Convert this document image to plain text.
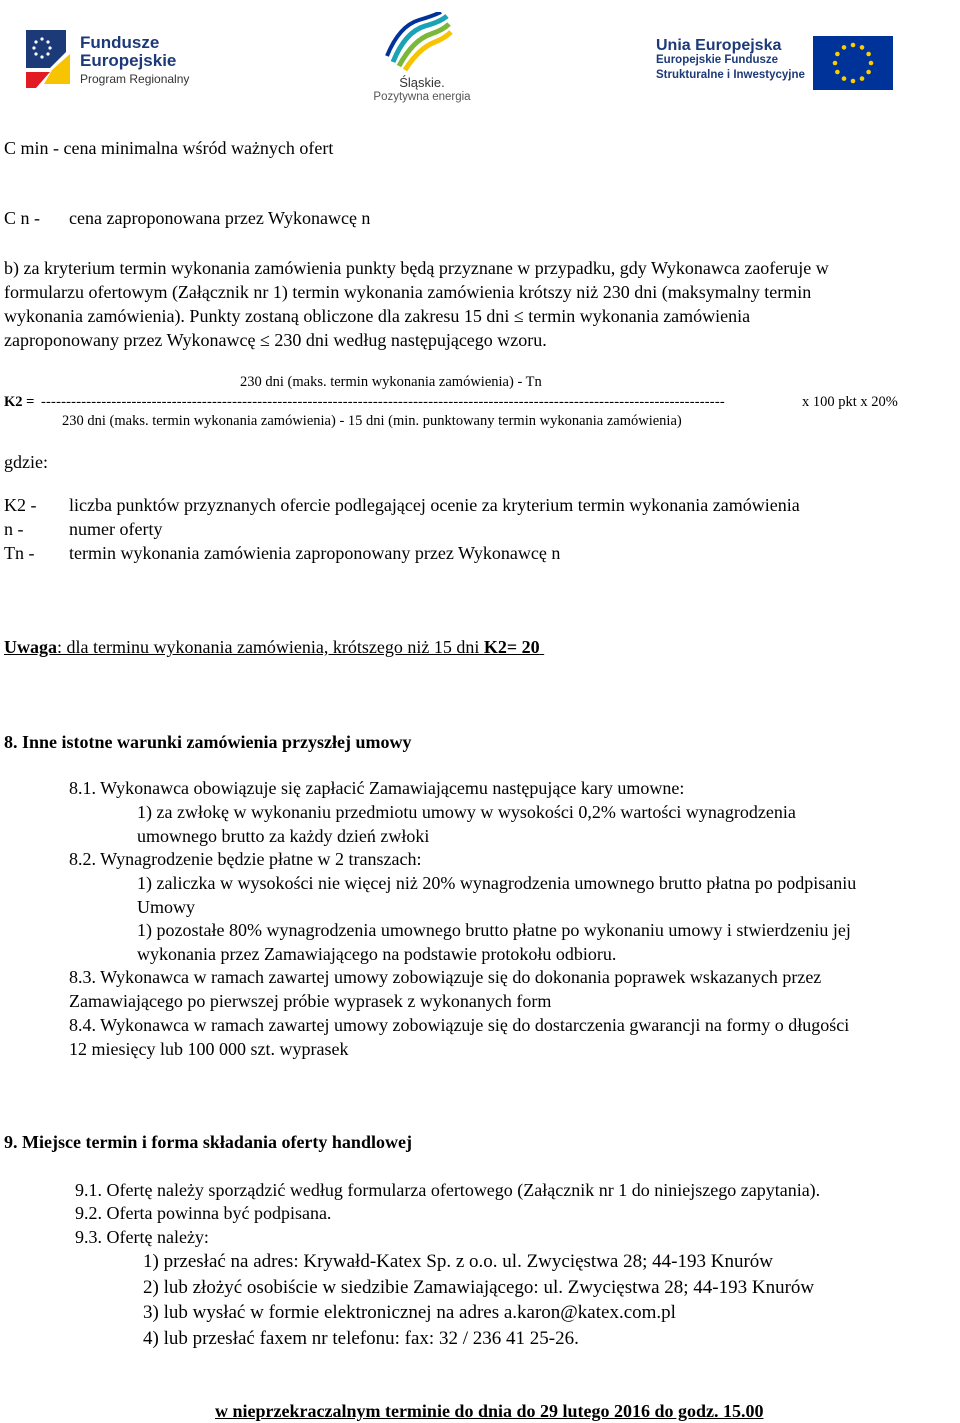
Fundusze
Europejskie
Program Regionalny	Śląskie.
Pozytywna energia
Unia Europejska
Europejskie Fundusze
Strukturalne i Inwestycyjne
C min - cena minimalna wśród ważnych ofert
C n - cena zaproponowana przez Wykonawcę n
b) za kryterium termin wykonania zamówienia punkty będą przyznane w przypadku, gdy Wykonawca zaoferuje w
formularzu ofertowym (Załącznik nr 1) termin wykonania zamówienia krótszy niż 230 dni (maksymalny termin
wykonania zamówienia). Punkty zostaną obliczone dla zakresu 15 dni ≤ termin wykonania zamówienia
zaproponowany przez Wykonawcę ≤ 230 dni według następującego wzoru.
230 dni (maks. termin wykonania zamówienia) - Tn
K2 = ----------------------------------------------------------------------------------------------------------------------------------------	x 100 pkt x 20%
230 dni (maks. termin wykonania zamówienia) - 15 dni (min. punktowany termin wykonania zamówienia)
gdzie:
K2 - liczba punktów przyznanych ofercie podlegającej ocenie za kryterium termin wykonania zamówienia
n -	numer oferty
Tn - termin wykonania zamówienia zaproponowany przez Wykonawcę n
Uwaga: dla terminu wykonania zamówienia, krótszego niż 15 dni K2= 20
8. Inne istotne warunki zamówienia przyszłej umowy
8.1. Wykonawca obowiązuje się zapłacić Zamawiającemu następujące kary umowne:
1) za zwłokę w wykonaniu przedmiotu umowy w wysokości 0,2% wartości wynagrodzenia
umownego brutto za każdy dzień zwłoki
8.2. Wynagrodzenie będzie płatne w 2 transzach:
1) zaliczka w wysokości nie więcej niż 20% wynagrodzenia umownego brutto płatna po podpisaniu
Umowy
1) pozostałe 80% wynagrodzenia umownego brutto płatne po wykonaniu umowy i stwierdzeniu jej
wykonania przez Zamawiającego na podstawie protokołu odbioru.
8.3. Wykonawca w ramach zawartej umowy zobowiązuje się do dokonania poprawek wskazanych przez
Zamawiającego po pierwszej próbie wyprasek z wykonanych form
8.4. Wykonawca w ramach zawartej umowy zobowiązuje się do dostarczenia gwarancji na formy o długości
12 miesięcy lub 100 000 szt. wyprasek
9. Miejsce termin i forma składania oferty handlowej
9.1. Ofertę należy sporządzić według formularza ofertowego (Załącznik nr 1 do niniejszego zapytania).
9.2. Oferta powinna być podpisana.
9.3. Ofertę należy:
1) przesłać na adres: Krywałd-Katex Sp. z o.o. ul. Zwycięstwa 28; 44-193 Knurów
2) lub złożyć osobiście w siedzibie Zamawiającego: ul. Zwycięstwa 28; 44-193 Knurów
3) lub wysłać w formie elektronicznej na adres a.karon@katex.com.pl
4) lub przesłać faxem nr telefonu: fax: 32 / 236 41 25-26.
w nieprzekraczalnym terminie do dnia do 29 lutego 2016 do godz. 15.00
